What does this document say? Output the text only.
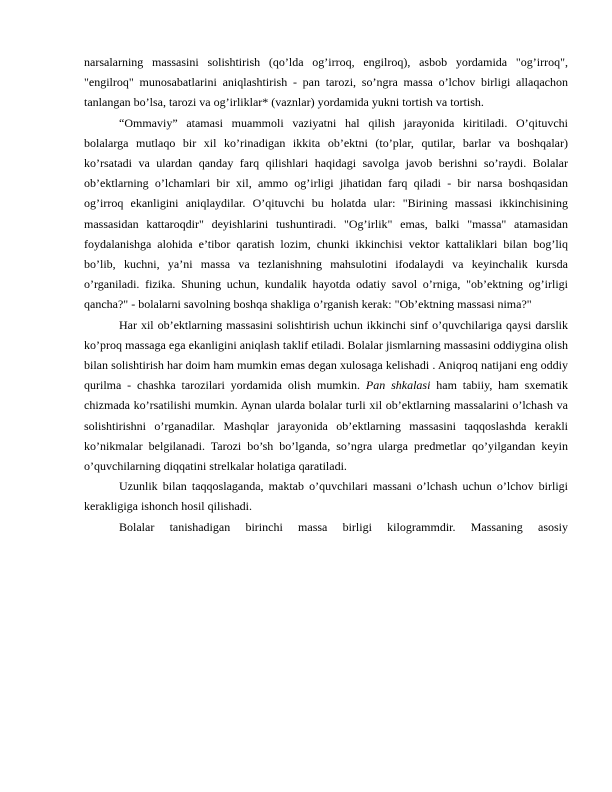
narsalarning massasini solishtirish (qo’lda og’irroq, engilroq), asbob yordamida "og’irroq", "engilroq" munosabatlarini aniqlashtirish - pan tarozi, so’ngra massa o’lchov birligi allaqachon tanlangan bo’lsa, tarozi va og’irliklar* (vaznlar) yordamida yukni tortish va tortish.

“Ommaviy” atamasi muammoli vaziyatni hal qilish jarayonida kiritiladi. O’qituvchi bolalarga mutlaqo bir xil ko’rinadigan ikkita ob’ektni (to’plar, qutilar, barlar va boshqalar) ko’rsatadi va ulardan qanday farq qilishlari haqidagi savolga javob berishni so’raydi. Bolalar ob’ektlarning o’lchamlari bir xil, ammo og’irligi jihatidan farq qiladi - bir narsa boshqasidan og’irroq ekanligini aniqlaydilar. O’qituvchi bu holatda ular: "Birining massasi ikkinchisining massasidan kattaroqdir" deyishlarini tushuntiradi. "Og’irlik" emas, balki "massa" atamasidan foydalanishga alohida e’tibor qaratish lozim, chunki ikkinchisi vektor kattaliklari bilan bog’liq bo’lib, kuchni, ya’ni massa va tezlanishning mahsulotini ifodalaydi va keyinchalik kursda o’rganiladi. fizika. Shuning uchun, kundalik hayotda odatiy savol o’rniga, "ob’ektning og’irligi qancha?" - bolalarni savolning boshqa shakliga o’rganish kerak: "Ob’ektning massasi nima?"

Har xil ob’ektlarning massasini solishtirish uchun ikkinchi sinf o’quvchilariga qaysi darslik ko’proq massaga ega ekanligini aniqlash taklif etiladi. Bolalar jismlarning massasini oddiygina olish bilan solishtirish har doim ham mumkin emas degan xulosaga kelishadi . Aniqroq natijani eng oddiy qurilma - chashka tarozilari yordamida olish mumkin. Pan shkalasi ham tabiiy, ham sxematik chizmada ko’rsatilishi mumkin. Aynan ularda bolalar turli xil ob’ektlarning massalarini o’lchash va solishtirishni o’rganadilar. Mashqlar jarayonida ob’ektlarning massasini taqqoslashda kerakli ko’nikmalar belgilanadi. Tarozi bo’sh bo’lganda, so’ngra ularga predmetlar qo’yilgandan keyin o’quvchilarning diqqatini strelkalar holatiga qaratiladi.

Uzunlik bilan taqqoslaganda, maktab o’quvchilari massani o’lchash uchun o’lchov birligi kerakligiga ishonch hosil qilishadi.

Bolalar tanishadigan birinchi massa birligi kilogrammdir. Massaning asosiy
